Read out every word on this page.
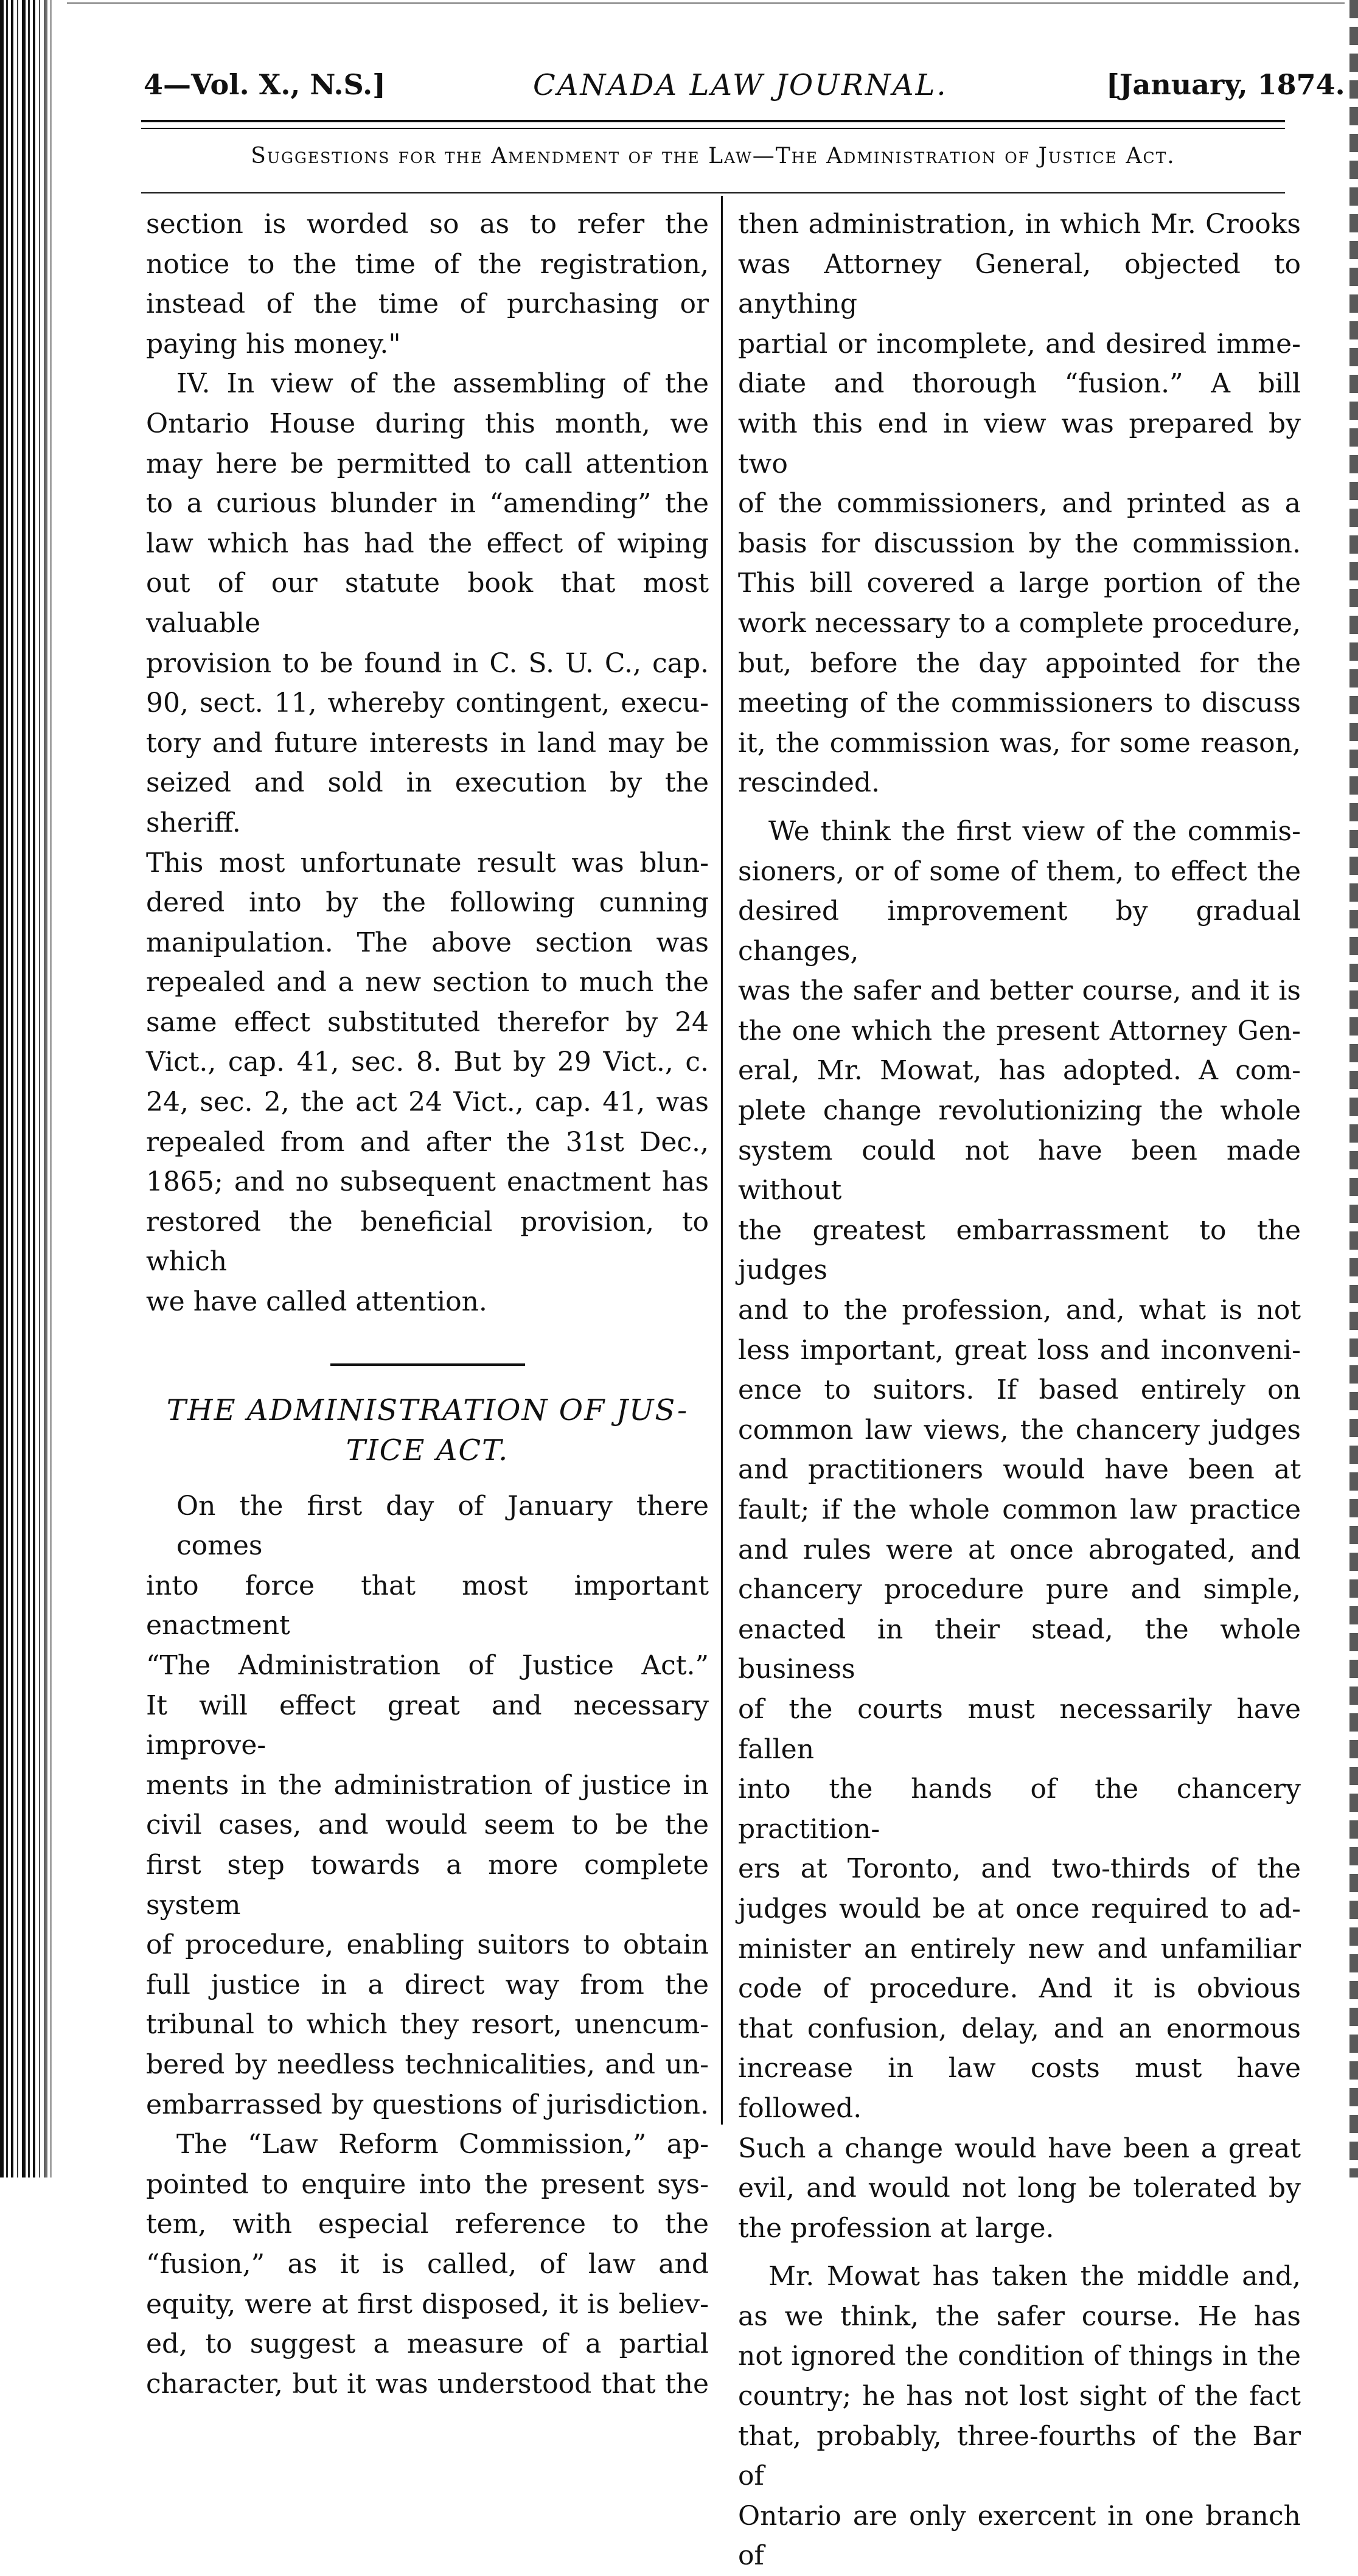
4—Vol. X., N.S.]	CANADA LAW JOURNAL.	[January, 1874.
Suggestions for the Amendment of the Law—The Administration of Justice Act.

section is worded so as to refer the

notice to the time of the registration,

instead of the time of purchasing or

paying his money."

IV. In view of the assembling of the

Ontario House during this month, we

may here be permitted to call attention

to a curious blunder in “amending” the

law which has had the effect of wiping

out of our statute book that most valuable

provision to be found in C. S. U. C., cap.

90, sect. 11, whereby contingent, execu-

tory and future interests in land may be

seized and sold in execution by the sheriff.

This most unfortunate result was blun-

dered into by the following cunning

manipulation. The above section was

repealed and a new section to much the

same effect substituted therefor by 24

Vict., cap. 41, sec. 8. But by 29 Vict., c.

24, sec. 2, the act 24 Vict., cap. 41, was

repealed from and after the 31st Dec.,

1865; and no subsequent enactment has

restored the beneficial provision, to which

we have called attention.

THE ADMINISTRATION OF JUS-
TICE ACT.

On the first day of January there comes

into force that most important enactment

“The Administration of Justice Act.”

It will effect great and necessary improve-

ments in the administration of justice in

civil cases, and would seem to be the

first step towards a more complete system

of procedure, enabling suitors to obtain

full justice in a direct way from the

tribunal to which they resort, unencum-

bered by needless technicalities, and un-

embarrassed by questions of jurisdiction.

The “Law Reform Commission,” ap-

pointed to enquire into the present sys-

tem, with especial reference to the

“fusion,” as it is called, of law and

equity, were at first disposed, it is believ-

ed, to suggest a measure of a partial

character, but it was understood that the

then administration, in which Mr. Crooks

was Attorney General, objected to anything

partial or incomplete, and desired imme-

diate and thorough “fusion.” A bill

with this end in view was prepared by two

of the commissioners, and printed as a

basis for discussion by the commission.

This bill covered a large portion of the

work necessary to a complete procedure,

but, before the day appointed for the

meeting of the commissioners to discuss

it, the commission was, for some reason,

rescinded.

We think the first view of the commis-

sioners, or of some of them, to effect the

desired improvement by gradual changes,

was the safer and better course, and it is

the one which the present Attorney Gen-

eral, Mr. Mowat, has adopted. A com-

plete change revolutionizing the whole

system could not have been made without

the greatest embarrassment to the judges

and to the profession, and, what is not

less important, great loss and inconveni-

ence to suitors. If based entirely on

common law views, the chancery judges

and practitioners would have been at

fault; if the whole common law practice

and rules were at once abrogated, and

chancery procedure pure and simple,

enacted in their stead, the whole business

of the courts must necessarily have fallen

into the hands of the chancery practition-

ers at Toronto, and two-thirds of the

judges would be at once required to ad-

minister an entirely new and unfamiliar

code of procedure. And it is obvious

that confusion, delay, and an enormous

increase in law costs must have followed.

Such a change would have been a great

evil, and would not long be tolerated by

the profession at large.

Mr. Mowat has taken the middle and,

as we think, the safer course. He has

not ignored the condition of things in the

country; he has not lost sight of the fact

that, probably, three-fourths of the Bar of

Ontario are only exercent in one branch of
